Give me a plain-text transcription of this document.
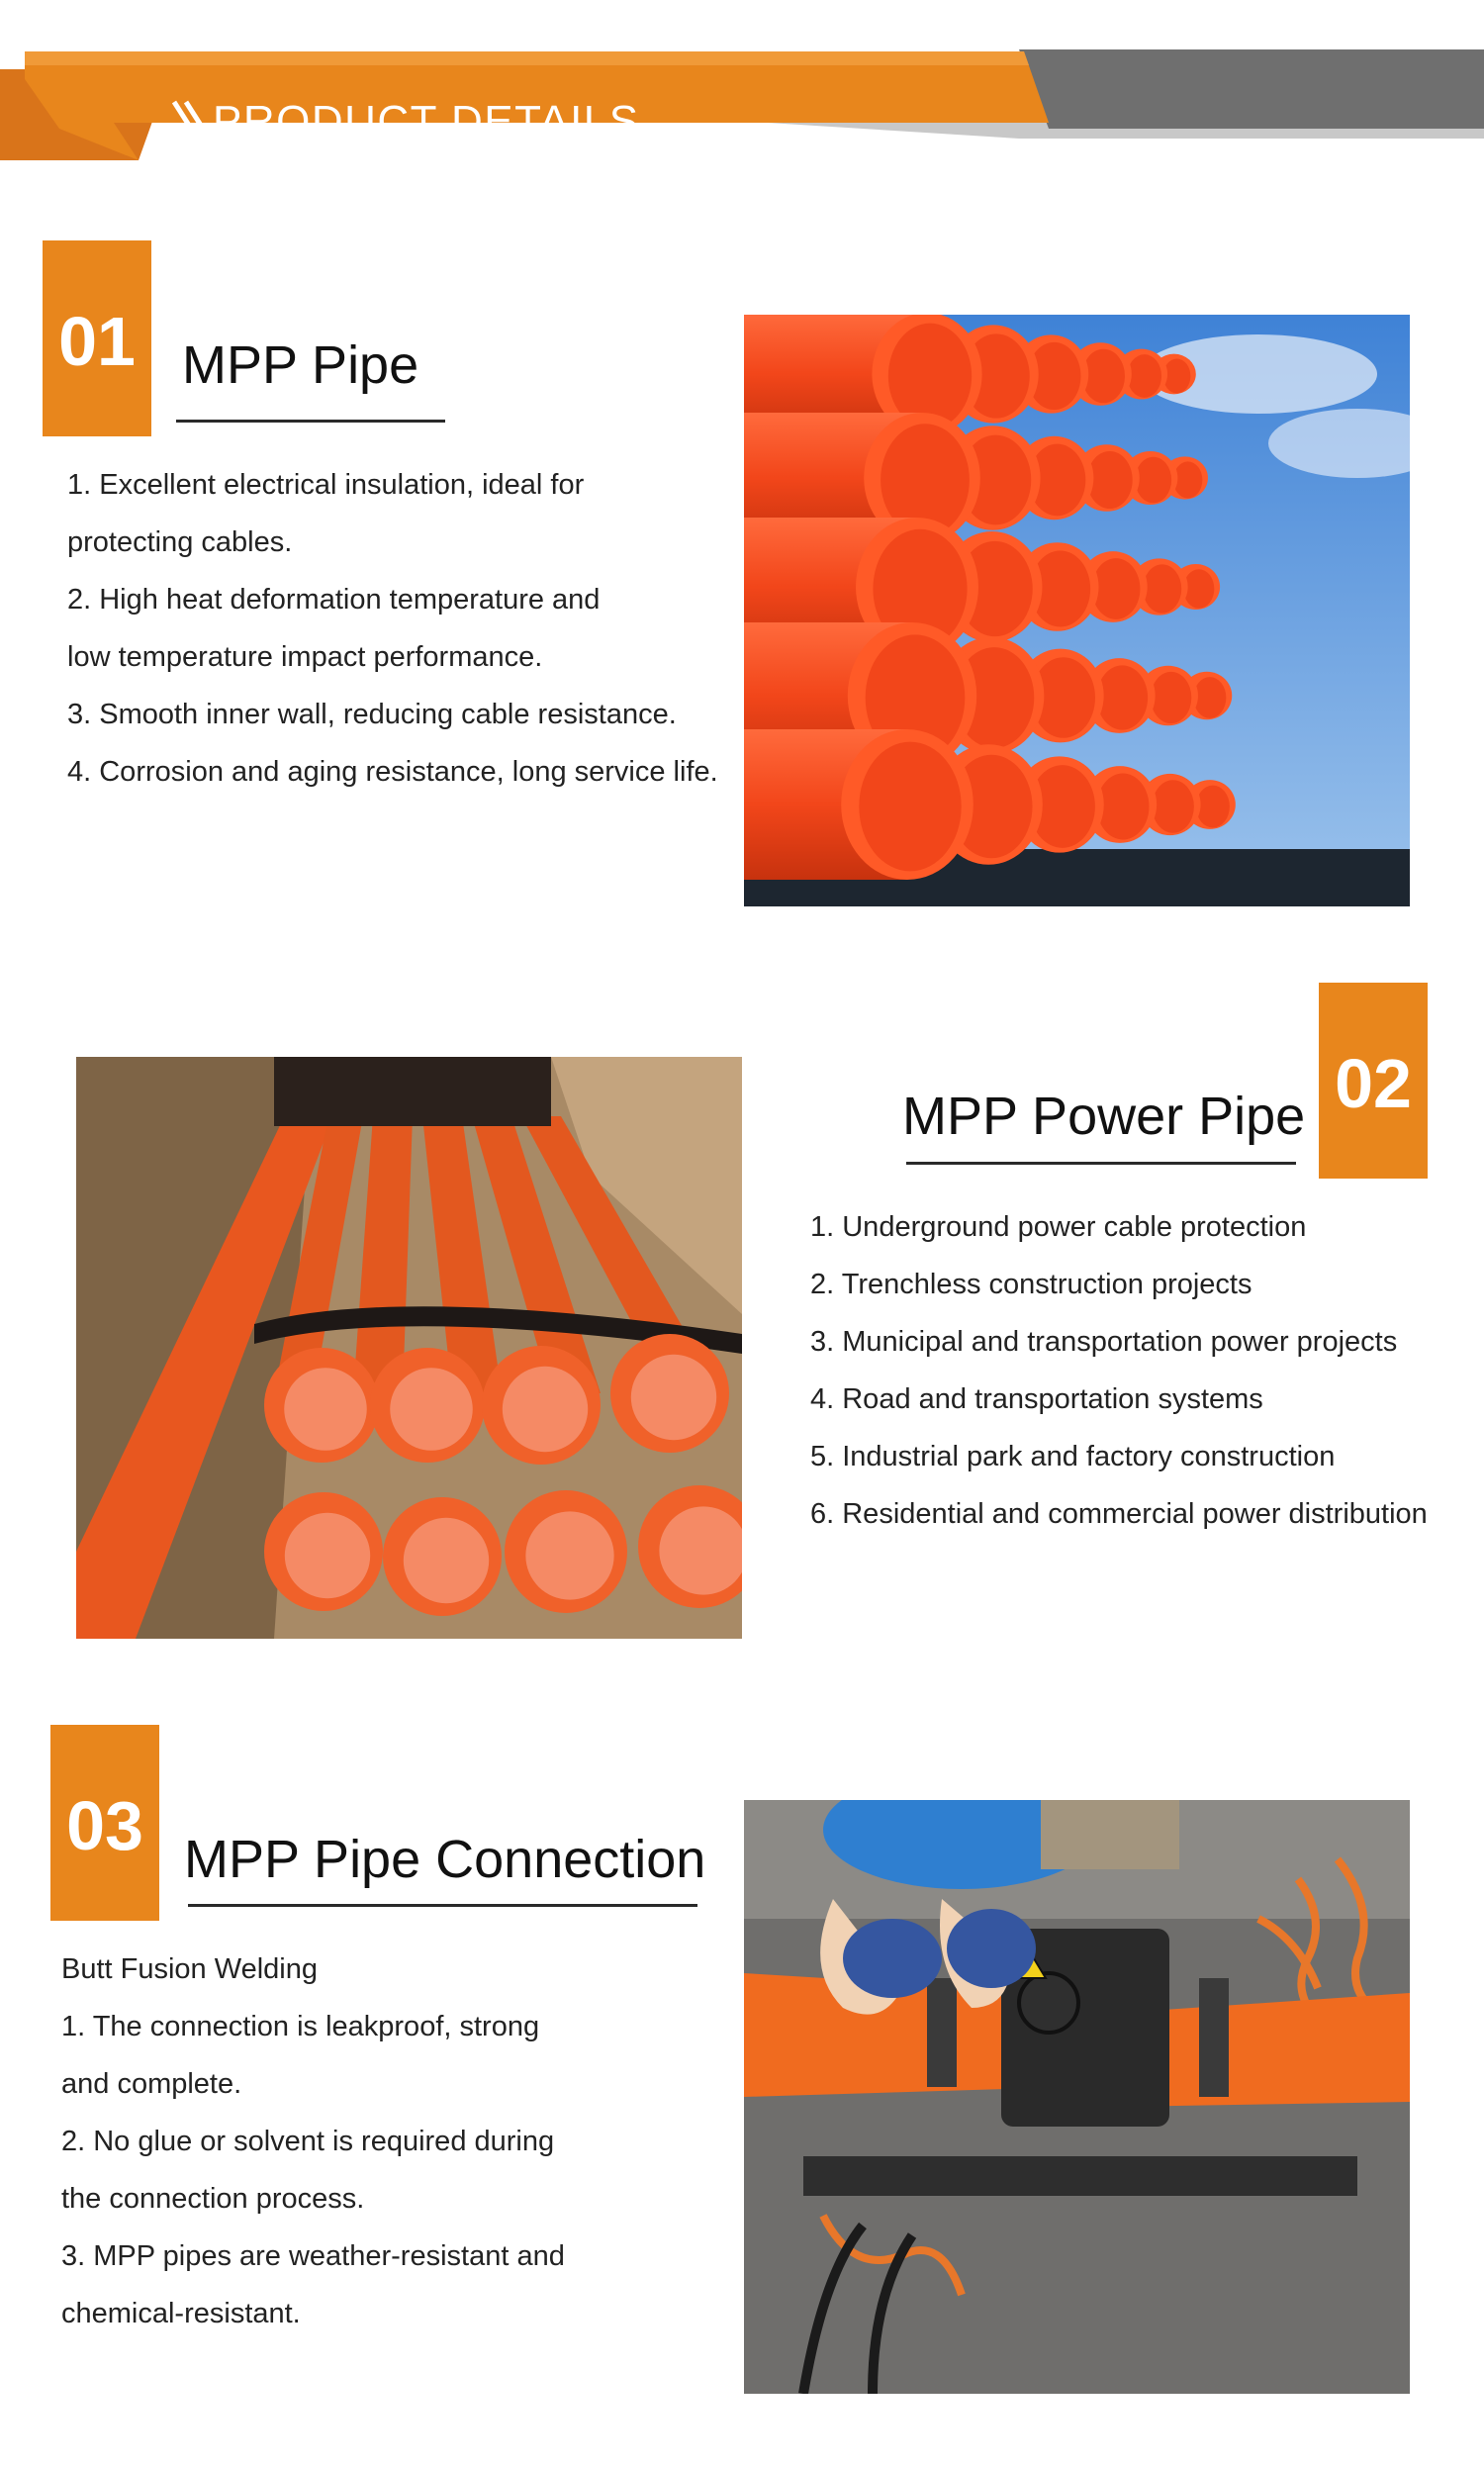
PRODUCT DETAILS
01 MPP Pipe

1. Excellent electrical insulation, ideal for

protecting cables.

2. High heat deformation temperature and

low temperature impact performance.

3. Smooth inner wall, reducing cable resistance.

4. Corrosion and aging resistance, long service life.

02
MPP Power Pipe

1. Underground power cable protection

2. Trenchless construction projects

3. Municipal and transportation power projects

4. Road and transportation systems

5. Industrial park and factory construction

6. Residential and commercial power distribution

03 MPP Pipe Connection

Butt Fusion Welding

1. The connection is leakproof, strong

and complete.

2. No glue or solvent is required during

the connection process.

3. MPP pipes are weather-resistant and

chemical-resistant.
